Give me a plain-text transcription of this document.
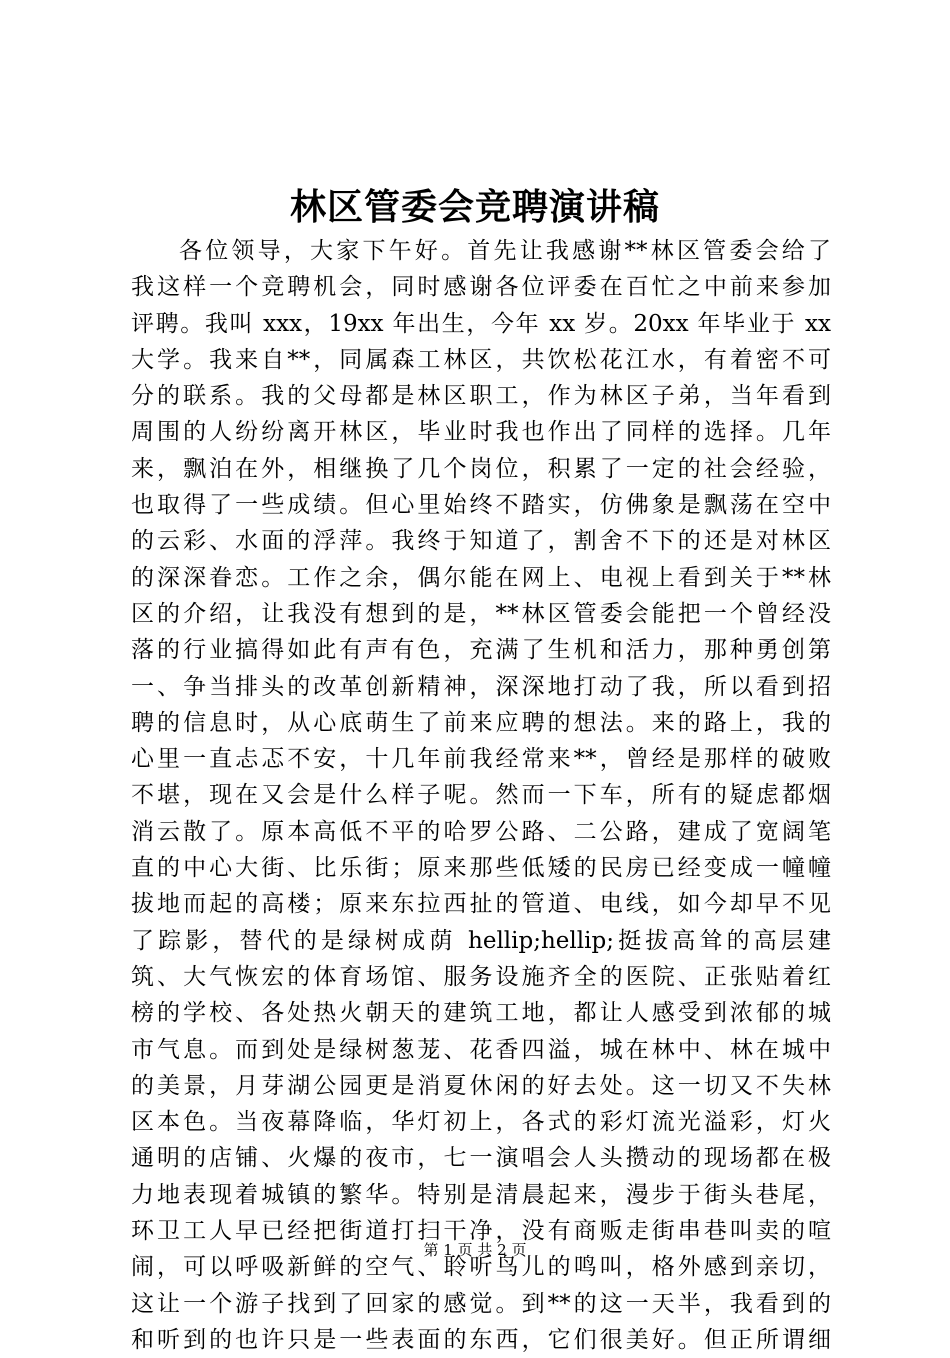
林区管委会竞聘演讲稿
各位领导，大家下午好。首先让我感谢**林区管委会给了
我这样一个竞聘机会，同时感谢各位评委在百忙之中前来参加
评聘。我叫 xxx，19xx 年出生，今年 xx 岁。20xx 年毕业于 xx
大学。我来自**，同属森工林区，共饮松花江水，有着密不可
分的联系。我的父母都是林区职工，作为林区子弟，当年看到
周围的人纷纷离开林区，毕业时我也作出了同样的选择。几年
来，飘泊在外，相继换了几个岗位，积累了一定的社会经验，
也取得了一些成绩。但心里始终不踏实，仿佛象是飘荡在空中
的云彩、水面的浮萍。我终于知道了，割舍不下的还是对林区
的深深眷恋。工作之余，偶尔能在网上、电视上看到关于**林
区的介绍，让我没有想到的是，**林区管委会能把一个曾经没
落的行业搞得如此有声有色，充满了生机和活力，那种勇创第
一、争当排头的改革创新精神，深深地打动了我，所以看到招
聘的信息时，从心底萌生了前来应聘的想法。来的路上，我的
心里一直忐忑不安，十几年前我经常来**，曾经是那样的破败
不堪，现在又会是什么样子呢。然而一下车，所有的疑虑都烟
消云散了。原本高低不平的哈罗公路、二公路，建成了宽阔笔
直的中心大街、比乐街；原来那些低矮的民房已经变成一幢幢
拔地而起的高楼；原来东拉西扯的管道、电线，如今却早不见
了踪影，替代的是绿树成荫 hellip;hellip;挺拔高耸的高层建
筑、大气恢宏的体育场馆、服务设施齐全的医院、正张贴着红
榜的学校、各处热火朝天的建筑工地，都让人感受到浓郁的城
市气息。而到处是绿树葱茏、花香四溢，城在林中、林在城中
的美景，月芽湖公园更是消夏休闲的好去处。这一切又不失林
区本色。当夜幕降临，华灯初上，各式的彩灯流光溢彩，灯火
通明的店铺、火爆的夜市，七一演唱会人头攒动的现场都在极
力地表现着城镇的繁华。特别是清晨起来，漫步于街头巷尾，
环卫工人早已经把街道打扫干净，没有商贩走街串巷叫卖的喧
闹，可以呼吸新鲜的空气、聆听鸟儿的鸣叫，格外感到亲切，
这让一个游子找到了回家的感觉。到**的这一天半，我看到的
和听到的也许只是一些表面的东西，它们很美好。但正所谓细
第 1 页 共 2 页
